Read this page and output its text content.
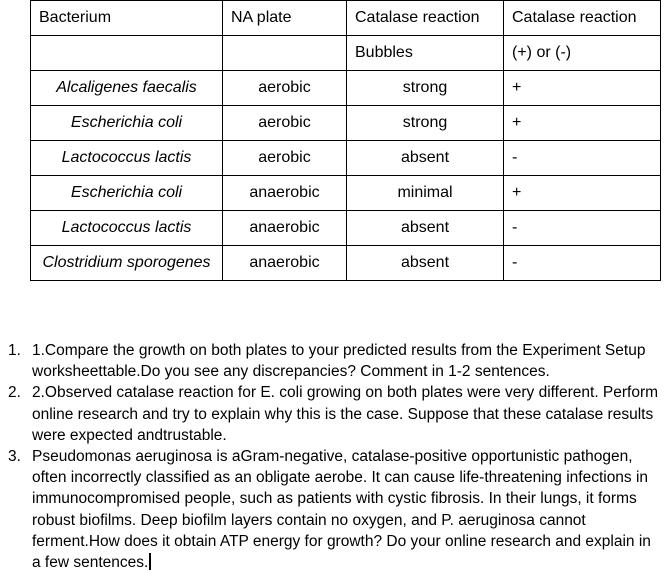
Bacterium	NA plate	Catalase reaction	Catalase reaction
		Bubbles	(+) or (-)
Alcaligenes faecalis	aerobic	strong	+
Escherichia coli	aerobic	strong	+
Lactococcus lactis	aerobic	absent	-
Escherichia coli	anaerobic	minimal	+
Lactococcus lactis	anaerobic	absent	-
Clostridium sporogenes	anaerobic	absent	-
1. 1.Compare the growth on both plates to your predicted results from the Experiment Setup worksheettable.Do you see any discrepancies? Comment in 1-2 sentences.
2. 2.Observed catalase reaction for E. coli growing on both plates were very different. Perform online research and try to explain why this is the case. Suppose that these catalase results were expected andtrustable.
3. Pseudomonas aeruginosa is aGram-negative, catalase-positive opportunistic pathogen, often incorrectly classified as an obligate aerobe. It can cause life-threatening infections in immunocompromised people, such as patients with cystic fibrosis. In their lungs, it forms robust biofilms. Deep biofilm layers contain no oxygen, and P. aeruginosa cannot ferment.How does it obtain ATP energy for growth? Do your online research and explain in a few sentences.
